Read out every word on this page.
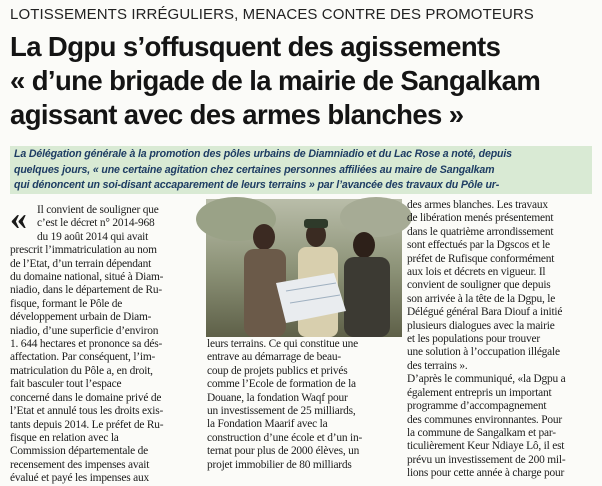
LOTISSEMENTS IRRÉGULIERS, MENACES CONTRE DES PROMOTEURS
La Dgpu s’offusquent des agissements
« d’une brigade de la mairie de Sangalkam
agissant avec des armes blanches »
La Délégation générale à la promotion des pôles urbains de Diamniadio et du Lac Rose a noté, depuis
quelques jours, « une certaine agitation chez certaines personnes affiliées au maire de Sangalkam
qui dénoncent un soi-disant accaparement de leurs terrains » par l’avancée des travaux du Pôle ur-
« Il convient de souligner que
c’est le décret n° 2014-968
du 19 août 2014 qui avait
prescrit l’immatriculation au nom
de l’Etat, d’un terrain dépendant
du domaine national, situé à Diam-
niadio, dans le département de Ru-
fisque, formant le Pôle de
développement urbain de Diam-
niadio, d’une superficie d’environ
1. 644 hectares et prononce sa dés-
affectation. Par conséquent, l’im-
matriculation du Pôle a, en droit,
fait basculer tout l’espace
concerné dans le domaine privé de
l’Etat et annulé tous les droits exis-
tants depuis 2014. Le préfet de Ru-
fisque en relation avec la
Commission départementale de
recensement des impenses avait
évalué et payé les impenses aux
leurs terrains. Ce qui constitue une
entrave au démarrage de beau-
coup de projets publics et privés
comme l’Ecole de formation de la
Douane, la fondation Waqf pour
un investissement de 25 milliards,
la Fondation Maarif avec la
construction d’une école et d’un in-
ternat pour plus de 2000 élèves, un
projet immobilier de 80 milliards
des armes blanches. Les travaux
de libération menés présentement
dans le quatrième arrondissement
sont effectués par la Dgscos et le
préfet de Rufisque conformément
aux lois et décrets en vigueur. Il
convient de souligner que depuis
son arrivée à la tête de la Dgpu, le
Délégué général Bara Diouf a initié
plusieurs dialogues avec la mairie
et les populations pour trouver
une solution à l’occupation illégale
des terrains ».
D’après le communiqué, «la Dgpu a
également entrepris un important
programme d’accompagnement
des communes environnantes. Pour
la commune de Sangalkam et par-
ticulièrement Keur Ndiaye Lô, il est
prévu un investissement de 200 mil-
lions pour cette année à charge pour
